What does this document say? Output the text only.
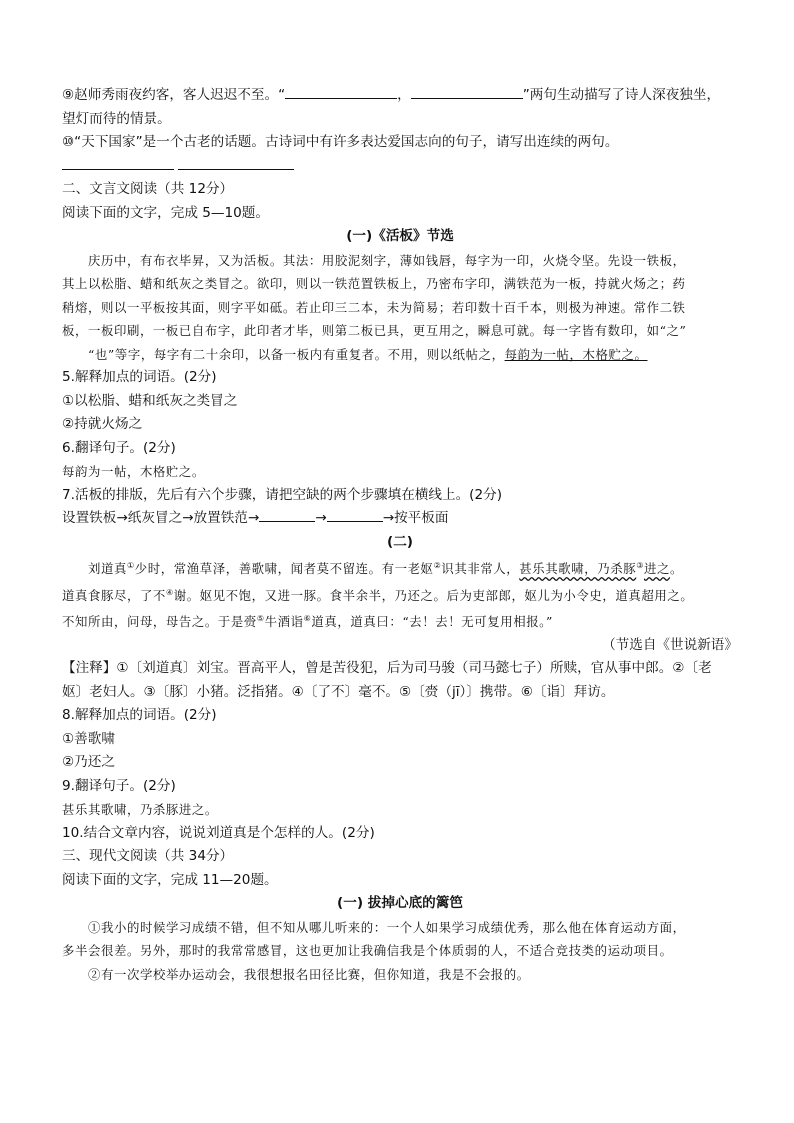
⑨赵师秀雨夜约客，客人迟迟不至。“	，	”两句生动描写了诗人深夜独坐，
望灯而待的情景。
⑩“天下国家”是一个古老的话题。古诗词中有许多表达爱国志向的句子，请写出连续的两句。
二、文言文阅读（共 12分）
阅读下面的文字，完成 5—10题。
(一)《活板》节选
庆历中，有布衣毕昇，又为活板。其法：用胶泥刻字，薄如钱唇，每字为一印，火烧令坚。先设一铁板，
其上以松脂、蜡和纸灰之类冒之。欲印，则以一铁范置铁板上，乃密布字印，满铁范为一板，持就火炀之；药
稍熔，则以一平板按其面，则字平如砥。若止印三二本，未为简易；若印数十百千本，则极为神速。常作二铁
板，一板印刷，一板已自布字，此印者才毕，则第二板已具，更互用之，瞬息可就。每一字皆有数印，如“之”
“也”等字，每字有二十余印，以备一板内有重复者。不用，则以纸帖之，每韵为一帖，木格贮之。
5.解释加点的词语。(2分)
①以松脂、蜡和纸灰之类冒之
②持就火炀之
6.翻译句子。(2分)
每韵为一帖，木格贮之。
7.活板的排版，先后有六个步骤，请把空缺的两个步骤填在横线上。(2分)
设置铁板→纸灰冒之→放置铁范→	→	→按平板面
(二)
刘道真①少时，常渔草泽，善歌啸，闻者莫不留连。有一老妪②识其非常人，甚乐其歌啸，乃杀豚③进之。
道真食豚尽，了不④谢。妪见不饱，又进一豚。食半余半，乃还之。后为吏部郎，妪儿为小令史，道真超用之。
不知所由，问母，母告之。于是赍⑤牛酒诣⑥道真，道真曰：“去！去！无可复用相报。”
（节选自《世说新语》
【注释】①〔刘道真〕刘宝。晋高平人，曾是苦役犯，后为司马骏（司马懿七子）所赎，官从事中郎。②〔老
妪〕老妇人。③〔豚〕小猪。泛指猪。④〔了不〕毫不。⑤〔赍（jī）〕携带。⑥〔诣〕拜访。
8.解释加点的词语。(2分)
①善歌啸
②乃还之
9.翻译句子。(2分)
甚乐其歌啸，乃杀豚进之。
10.结合文章内容，说说刘道真是个怎样的人。(2分)
三、现代文阅读（共 34分）
阅读下面的文字，完成 11—20题。
(一) 拔掉心底的篱笆
①我小的时候学习成绩不错，但不知从哪儿听来的：一个人如果学习成绩优秀，那么他在体育运动方面，
多半会很差。另外，那时的我常常感冒，这也更加让我确信我是个体质弱的人，不适合竞技类的运动项目。
②有一次学校举办运动会，我很想报名田径比赛，但你知道，我是不会报的。
